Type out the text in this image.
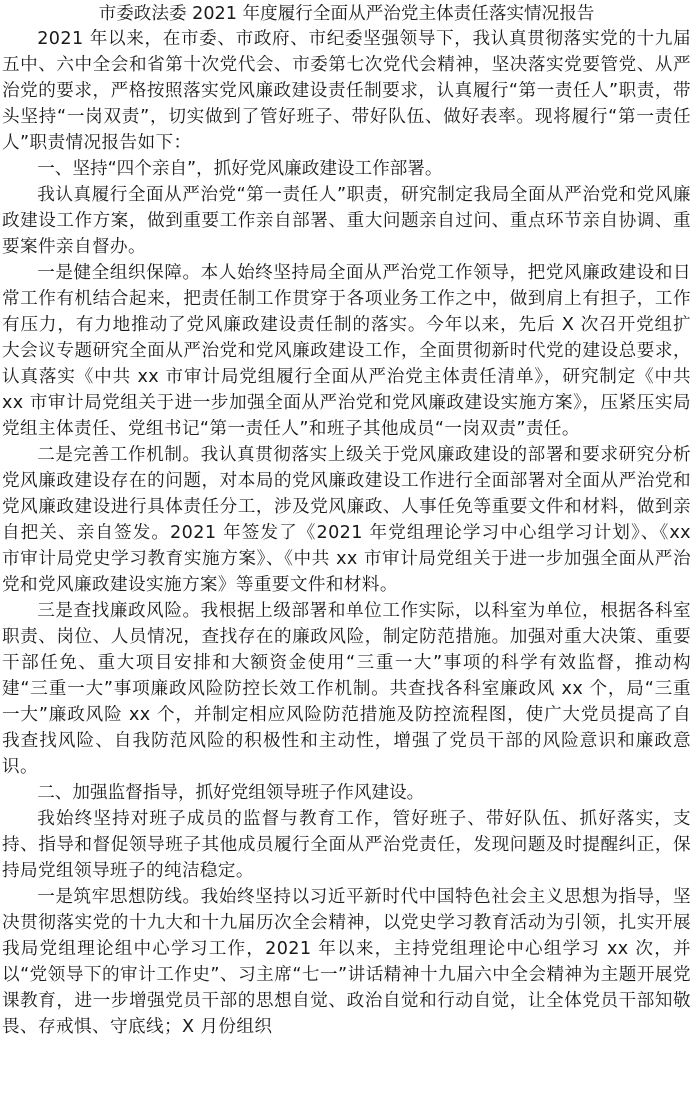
市委政法委 2021 年度履行全面从严治党主体责任落实情况报告

2021 年以来，在市委、市政府、市纪委坚强领导下，我认真贯彻落实党的十九届五中、六中全会和省第十次党代会、市委第七次党代会精神，坚决落实党要管党、从严治党的要求，严格按照落实党风廉政建设责任制要求，认真履行“第一责任人”职责，带头坚持“一岗双责”，切实做到了管好班子、带好队伍、做好表率。现将履行“第一责任人”职责情况报告如下：

一、坚持“四个亲自”，抓好党风廉政建设工作部署。

我认真履行全面从严治党“第一责任人”职责，研究制定我局全面从严治党和党风廉政建设工作方案，做到重要工作亲自部署、重大问题亲自过问、重点环节亲自协调、重要案件亲自督办。

一是健全组织保障。本人始终坚持局全面从严治党工作领导，把党风廉政建设和日常工作有机结合起来，把责任制工作贯穿于各项业务工作之中，做到肩上有担子，工作有压力，有力地推动了党风廉政建设责任制的落实。今年以来，先后 X 次召开党组扩大会议专题研究全面从严治党和党风廉政建设工作，全面贯彻新时代党的建设总要求，认真落实《中共 xx 市审计局党组履行全面从严治党主体责任清单》，研究制定《中共 xx 市审计局党组关于进一步加强全面从严治党和党风廉政建设实施方案》，压紧压实局党组主体责任、党组书记“第一责任人”和班子其他成员“一岗双责”责任。

二是完善工作机制。我认真贯彻落实上级关于党风廉政建设的部署和要求研究分析党风廉政建设存在的问题，对本局的党风廉政建设工作进行全面部署对全面从严治党和党风廉政建设进行具体责任分工，涉及党风廉政、人事任免等重要文件和材料，做到亲自把关、亲自签发。2021 年签发了《2021 年党组理论学习中心组学习计划》、《xx 市审计局党史学习教育实施方案》、《中共 xx 市审计局党组关于进一步加强全面从严治党和党风廉政建设实施方案》等重要文件和材料。

三是查找廉政风险。我根据上级部署和单位工作实际，以科室为单位，根据各科室职责、岗位、人员情况，查找存在的廉政风险，制定防范措施。加强对重大决策、重要干部任免、重大项目安排和大额资金使用“三重一大”事项的科学有效监督，推动构建“三重一大”事项廉政风险防控长效工作机制。共查找各科室廉政风 xx 个，局“三重一大”廉政风险 xx 个，并制定相应风险防范措施及防控流程图，使广大党员提高了自我查找风险、自我防范风险的积极性和主动性，增强了党员干部的风险意识和廉政意识。

二、加强监督指导，抓好党组领导班子作风建设。

我始终坚持对班子成员的监督与教育工作，管好班子、带好队伍、抓好落实，支持、指导和督促领导班子其他成员履行全面从严治党责任，发现问题及时提醒纠正，保持局党组领导班子的纯洁稳定。

一是筑牢思想防线。我始终坚持以习近平新时代中国特色社会主义思想为指导，坚决贯彻落实党的十九大和十九届历次全会精神，以党史学习教育活动为引领，扎实开展我局党组理论组中心学习工作，2021 年以来，主持党组理论中心组学习 xx 次，并以“党领导下的审计工作史”、习主席“七一”讲话精神十九届六中全会精神为主题开展党课教育，进一步增强党员干部的思想自觉、政治自觉和行动自觉，让全体党员干部知敬畏、存戒惧、守底线；X 月份组织
